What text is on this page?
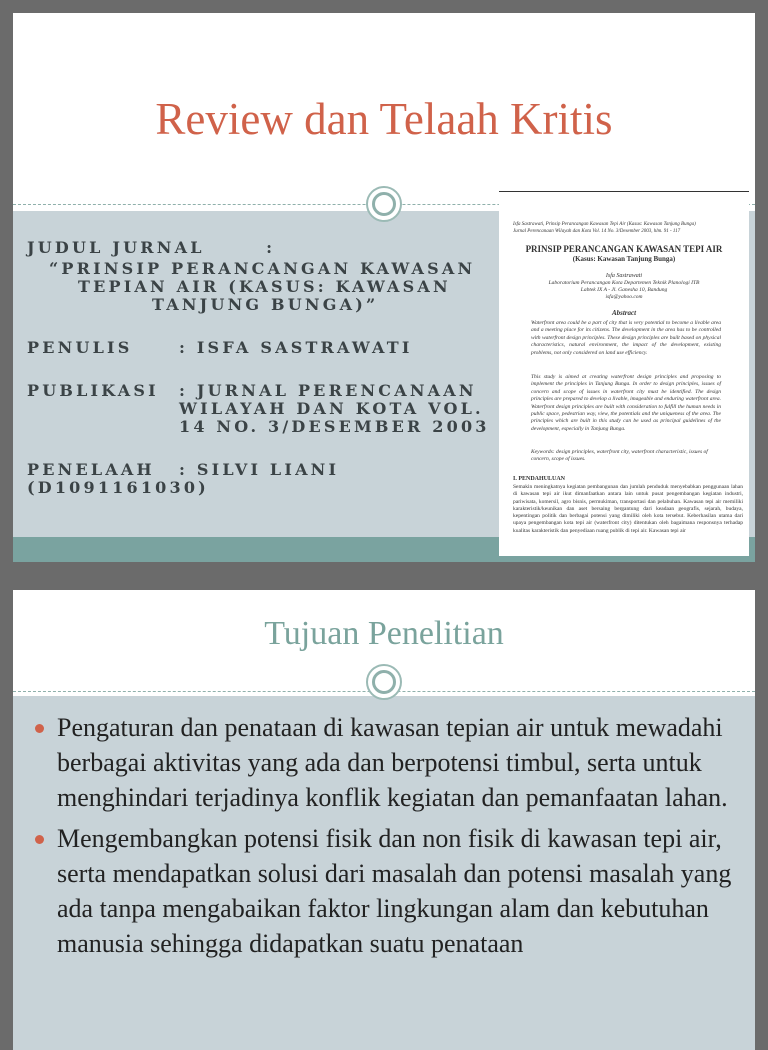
Review dan Telaah Kritis
JUDUL JURNAL       :
“PRINSIP PERANCANGAN KAWASAN
TEPIAN AIR (KASUS: KAWASAN
TANJUNG BUNGA)”
PENULIS	: ISFA SASTRAWATI
PUBLIKASI : JURNAL PERENCANAAN
WILAYAH DAN KOTA VOL.
14 NO. 3/DESEMBER 2003
PENELAAH : SILVI LIANI
(D1091161030)
Isfa Sastrawati, Prinsip Perancangan Kawasan Tepi Air (Kasus: Kawasan Tanjung Bunga)
Jurnal Perencanaan Wilayah dan Kota Vol. 14 No. 3/Desember 2003, hlm. 91 - 117
PRINSIP PERANCANGAN KAWASAN TEPI AIR
(Kasus: Kawasan Tanjung Bunga)
Isfa Sastrawati
Laboratorium Perancangan Kota Departemen Teknik Planologi ITB
Labtek IX A - Jl. Ganesha 10, Bandung
isfa@yahoo.com
Abstract
Waterfront area could be a part of city that is very potential to become a livable area and a meeting place for its citizens. The development in the area has to be controlled with waterfront design principles. These design principles are built based on physical characteristics, natural environment, the impact of the development, existing problems, not only considered on land use efficiency.
This study is aimed at creating waterfront design principles and proposing to implement the principles in Tanjung Bunga. In order to design principles, issues of concern and scope of issues in waterfront city must be identified. The design principles are prepared to develop a livable, imageable and enduring waterfront area. Waterfront design principles are built with consideration to fulfill the human needs in public space, pedestrian way, view, the potentials and the uniqueness of the area. The principles which are built in this study can be used as principal guidelines of the development, especially in Tanjung Bunga.
Keywords: design principles, waterfront city, waterfront characteristic, issues of concern, scope of issues.
I. PENDAHULUAN
Semakin meningkatnya kegiatan pembangunan dan jumlah penduduk menyebabkan penggunaan lahan di kawasan tepi air ikut dimanfaatkan antara lain untuk pusat pengembangan kegiatan industri, pariwisata, komersil, agro bisnis, permukiman, transportasi dan pelabuhan. Kawasan tepi air memiliki karakteristik/keunikan dan aset bersaing bergantung dari keadaan geografis, sejarah, budaya, kepentingan politik dan berbagai potensi yang dimiliki oleh kota tersebut. Keberhasilan utama dari upaya pengembangan kota tepi air (waterfront city) ditentukan oleh bagaimana responsnya terhadap kualitas karakteristik dan penyediaan ruang publik di tepi air. Kawasan tepi air
Tujuan Penelitian
Pengaturan dan penataan di kawasan tepian air untuk mewadahi berbagai aktivitas yang ada dan berpotensi timbul, serta untuk menghindari terjadinya konflik kegiatan dan pemanfaatan lahan.
Mengembangkan potensi fisik dan non fisik di kawasan tepi air, serta mendapatkan solusi dari masalah dan potensi masalah yang ada tanpa mengabaikan faktor lingkungan alam dan kebutuhan manusia sehingga didapatkan suatu penataan
